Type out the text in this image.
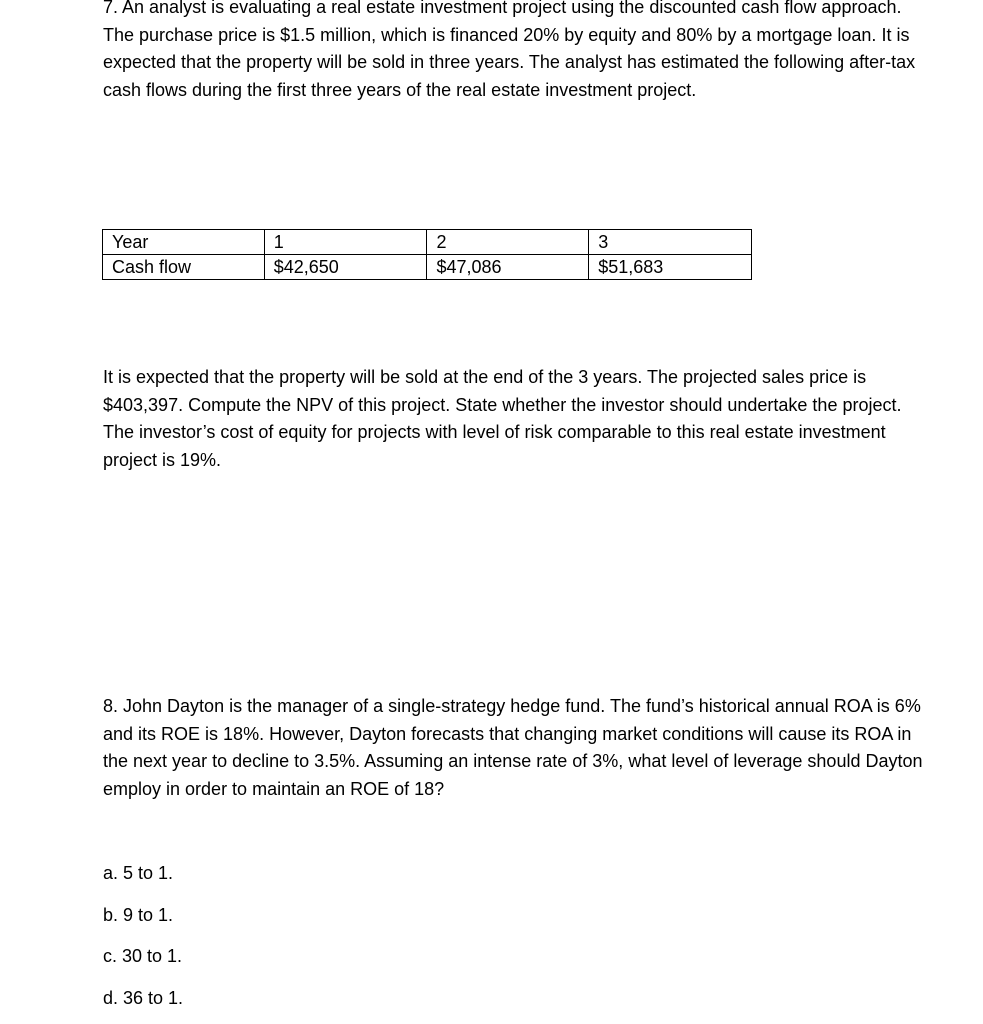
7. An analyst is evaluating a real estate investment project using the discounted cash flow approach. The purchase price is $1.5 million, which is financed 20% by equity and 80% by a mortgage loan. It is expected that the property will be sold in three years. The analyst has estimated the following after-tax cash flows during the first three years of the real estate investment project.

Year	1	2	3
Cash flow	$42,650	$47,086	$51,683

It is expected that the property will be sold at the end of the 3 years. The projected sales price is $403,397. Compute the NPV of this project. State whether the investor should undertake the project. The investor’s cost of equity for projects with level of risk comparable to this real estate investment project is 19%.

8. John Dayton is the manager of a single-strategy hedge fund. The fund’s historical annual ROA is 6% and its ROE is 18%. However, Dayton forecasts that changing market conditions will cause its ROA in the next year to decline to 3.5%. Assuming an intense rate of 3%, what level of leverage should Dayton employ in order to maintain an ROE of 18?

a. 5 to 1.

b. 9 to 1.

c. 30 to 1.

d. 36 to 1.
